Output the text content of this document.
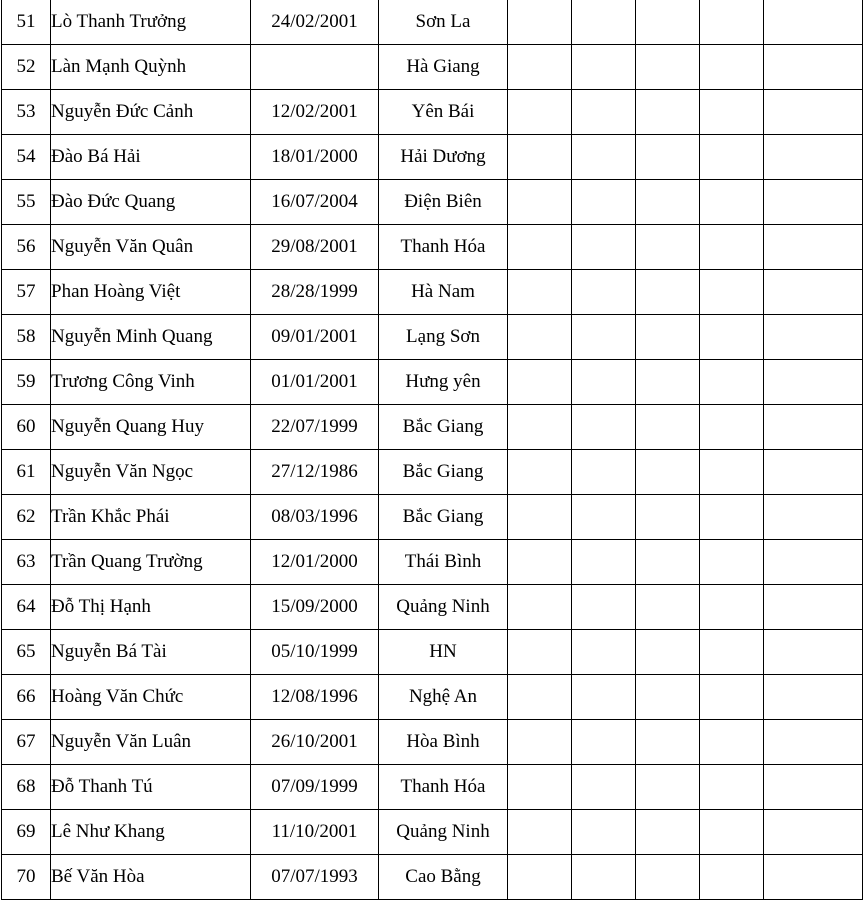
51	Lò Thanh Trưởng	24/02/2001	Sơn La					
52	Làn Mạnh Quỳnh		Hà Giang					
53	Nguyễn Đức Cảnh	12/02/2001	Yên Bái					
54	Đào Bá Hải	18/01/2000	Hải Dương					
55	Đào Đức Quang	16/07/2004	Điện Biên					
56	Nguyễn Văn Quân	29/08/2001	Thanh Hóa					
57	Phan Hoàng Việt	28/28/1999	Hà Nam					
58	Nguyễn Minh Quang	09/01/2001	Lạng Sơn					
59	Trương Công Vinh	01/01/2001	Hưng yên					
60	Nguyễn Quang Huy	22/07/1999	Bắc Giang					
61	Nguyễn Văn Ngọc	27/12/1986	Bắc Giang					
62	Trần Khắc Phái	08/03/1996	Bắc Giang					
63	Trần Quang Trường	12/01/2000	Thái Bình					
64	Đỗ Thị Hạnh	15/09/2000	Quảng Ninh					
65	Nguyễn Bá Tài	05/10/1999	HN					
66	Hoàng Văn Chức	12/08/1996	Nghệ An					
67	Nguyễn Văn Luân	26/10/2001	Hòa Bình					
68	Đỗ Thanh Tú	07/09/1999	Thanh Hóa					
69	Lê Như Khang	11/10/2001	Quảng Ninh					
70	Bế Văn Hòa	07/07/1993	Cao Bằng					
